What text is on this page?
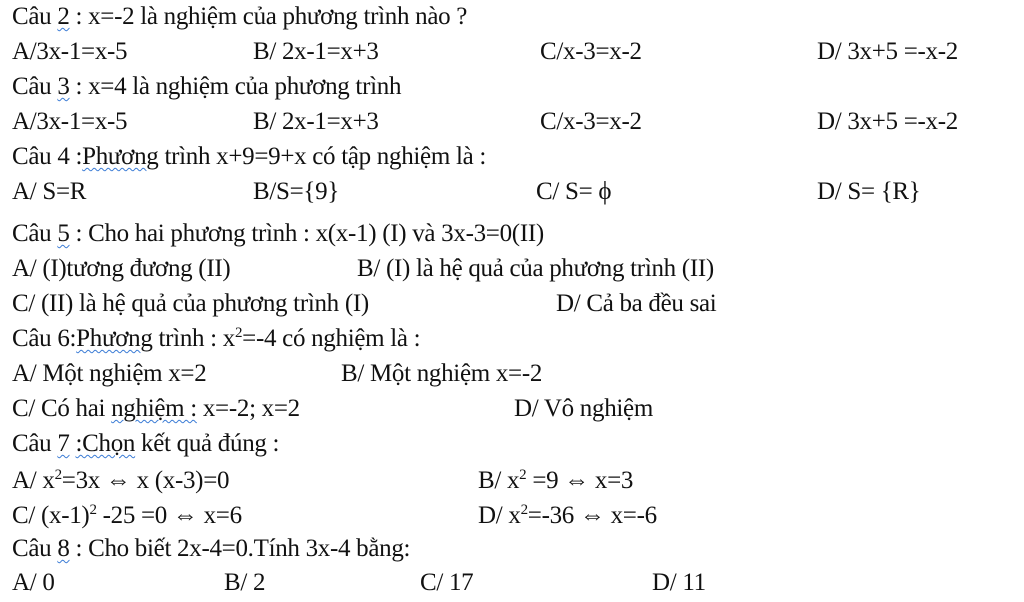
Câu 2 : x=-2 là nghiệm của phương trình nào ?
A/3x-1=x-5	B/ 2x-1=x+3	C/x-3=x-2	D/ 3x+5 =-x-2
Câu 3 : x=4 là nghiệm của phương trình
A/3x-1=x-5	B/ 2x-1=x+3	C/x-3=x-2	D/ 3x+5 =-x-2
Câu 4 :Phương trình x+9=9+x có tập nghiệm là :
A/ S=R	B/S={9}	C/ S= ϕ	D/ S= {R}
Câu 5 : Cho hai phương trình : x(x-1) (I) và 3x-3=0(II)
A/ (I)tương đương (II)	B/ (I) là hệ quả của phương trình (II)
C/ (II) là hệ quả của phương trình (I)	D/ Cả ba đều sai
Câu 6:Phương trình : $x^2=-4$ có nghiệm là :
A/ Một nghiệm x=2	B/ Một nghiệm x=-2
C/ Có hai nghiệm : x=-2; x=2	D/ Vô nghiệm
Câu 7 :Chọn kết quả đúng :
A/ $x^2=3x$ ⇔ x (x-3)=0	B/ $x^2 =9$ ⇔ x=3
C/ $(x-1)^2$ -25 =0 ⇔ x=6	D/ $x^2=-36$ ⇔ x=-6
Câu 8 : Cho biết 2x-4=0.Tính 3x-4 bằng:
A/ 0	B/ 2	C/ 17	D/ 11
